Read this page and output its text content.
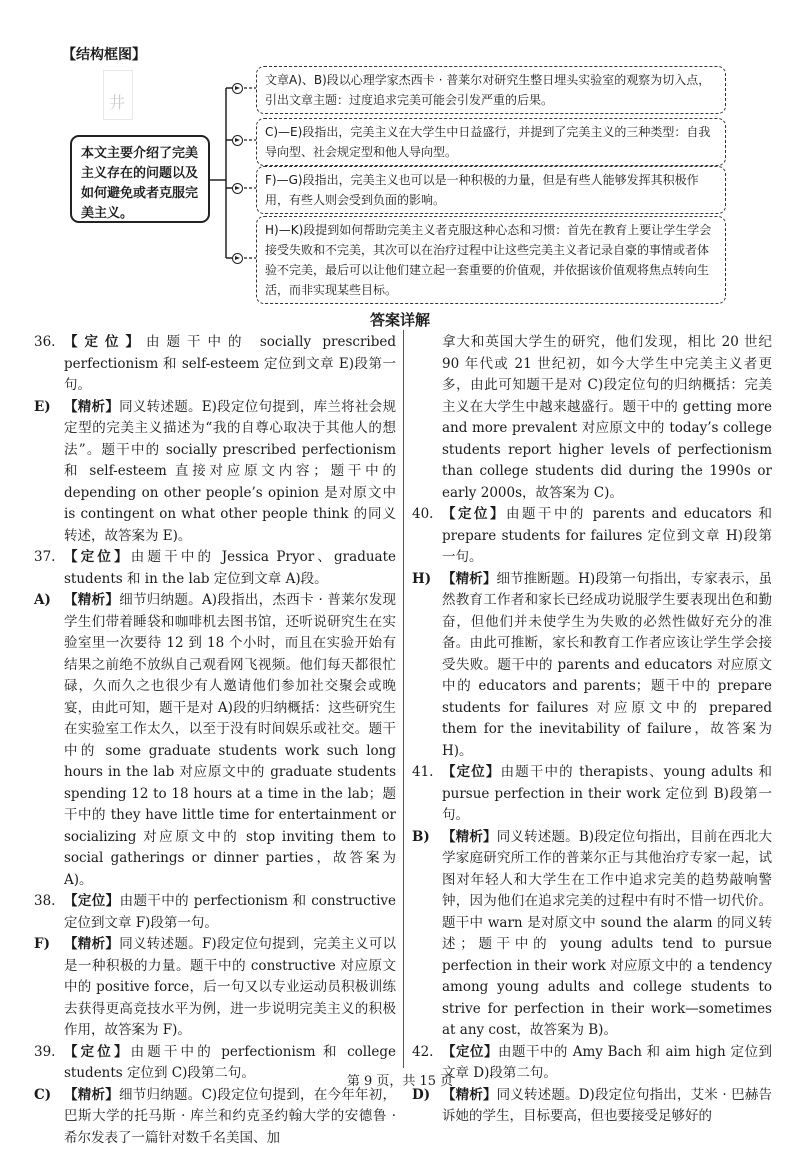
【结构框图】
井
本文主要介绍了完美主义存在的问题以及如何避免或者克服完美主义。
文章A)、B)段以心理学家杰西卡 · 普莱尔对研究生整日埋头实验室的观察为切入点，引出文章主题：过度追求完美可能会引发严重的后果。
C)—E)段指出，完美主义在大学生中日益盛行，并提到了完美主义的三种类型：自我导向型、社会规定型和他人导向型。
F)—G)段指出，完美主义也可以是一种积极的力量，但是有些人能够发挥其积极作用，有些人则会受到负面的影响。
H)—K)段提到如何帮助完美主义者克服这种心态和习惯：首先在教育上要让学生学会接受失败和不完美，其次可以在治疗过程中让这些完美主义者记录自豪的事情或者体验不完美，最后可以让他们建立起一套重要的价值观，并依据该价值观将焦点转向生活，而非实现某些目标。
答案详解
36. 【定位】由题干中的 socially prescribed perfectionism 和 self-esteem 定位到文章 E)段第一句。
E) 【精析】同义转述题。E)段定位句提到，库兰将社会规定型的完美主义描述为“我的自尊心取决于其他人的想法”。题干中的 socially prescribed perfectionism 和 self-esteem 直接对应原文内容；题干中的 depending on other people’s opinion 是对原文中 is contingent on what other people think 的同义转述，故答案为 E)。
37. 【定位】由题干中的 Jessica Pryor、graduate students 和 in the lab 定位到文章 A)段。
A) 【精析】细节归纳题。A)段指出，杰西卡 · 普莱尔发现学生们带着睡袋和咖啡机去图书馆，还听说研究生在实验室里一次要待 12 到 18 个小时，而且在实验开始有结果之前绝不放纵自己观看网飞视频。他们每天都很忙碌，久而久之也很少有人邀请他们参加社交聚会或晚宴，由此可知，题干是对 A)段的归纳概括：这些研究生在实验室工作太久，以至于没有时间娱乐或社交。题干中的 some graduate students work such long hours in the lab 对应原文中的 graduate students spending 12 to 18 hours at a time in the lab；题干中的 they have little time for entertainment or socializing 对应原文中的 stop inviting them to social gatherings or dinner parties，故答案为 A)。
38. 【定位】由题干中的 perfectionism 和 constructive 定位到文章 F)段第一句。
F) 【精析】同义转述题。F)段定位句提到，完美主义可以是一种积极的力量。题干中的 constructive 对应原文中的 positive force，后一句又以专业运动员积极训练去获得更高竞技水平为例，进一步说明完美主义的积极作用，故答案为 F)。
39. 【定位】由题干中的 perfectionism 和 college students 定位到 C)段第二句。
C) 【精析】细节归纳题。C)段定位句提到，在今年年初，巴斯大学的托马斯 · 库兰和约克圣约翰大学的安德鲁 · 希尔发表了一篇针对数千名美国、加
拿大和英国大学生的研究，他们发现，相比 20 世纪 90 年代或 21 世纪初，如今大学生中完美主义者更多，由此可知题干是对 C)段定位句的归纳概括：完美主义在大学生中越来越盛行。题干中的 getting more and more prevalent 对应原文中的 today’s college students report higher levels of perfectionism than college students did during the 1990s or early 2000s，故答案为 C)。
40. 【定位】由题干中的 parents and educators 和 prepare students for failures 定位到文章 H)段第一句。
H) 【精析】细节推断题。H)段第一句指出，专家表示，虽然教育工作者和家长已经成功说服学生要表现出色和勤奋，但他们并未使学生为失败的必然性做好充分的准备。由此可推断，家长和教育工作者应该让学生学会接受失败。题干中的 parents and educators 对应原文中的 educators and parents；题干中的 prepare students for failures 对应原文中的 prepared them for the inevitability of failure，故答案为 H)。
41. 【定位】由题干中的 therapists、young adults 和 pursue perfection in their work 定位到 B)段第一句。
B) 【精析】同义转述题。B)段定位句指出，目前在西北大学家庭研究所工作的普莱尔正与其他治疗专家一起，试图对年轻人和大学生在工作中追求完美的趋势敲响警钟，因为他们在追求完美的过程中有时不惜一切代价。题干中 warn 是对原文中 sound the alarm 的同义转述；题干中的 young adults tend to pursue perfection in their work 对应原文中的 a tendency among young adults and college students to strive for perfection in their work—sometimes at any cost，故答案为 B)。
42. 【定位】由题干中的 Amy Bach 和 aim high 定位到文章 D)段第二句。
D) 【精析】同义转述题。D)段定位句指出，艾米 · 巴赫告诉她的学生，目标要高，但也要接受足够好的
第 9 页，共 15 页
